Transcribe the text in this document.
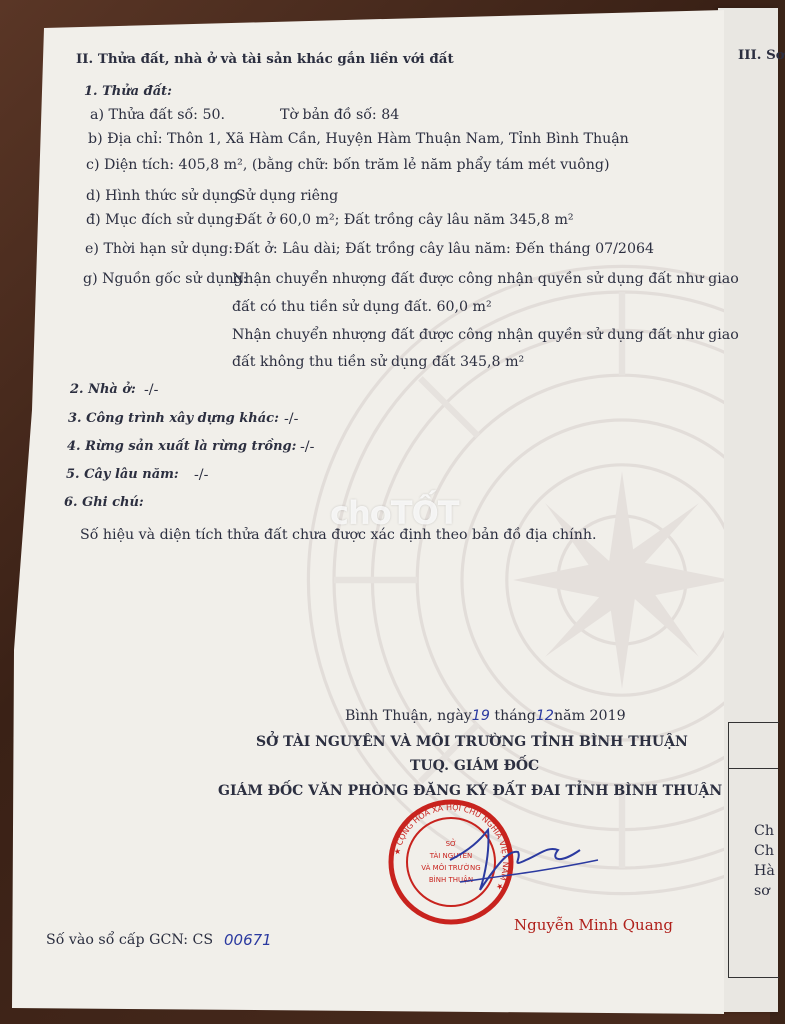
II. Thửa đất, nhà ở và tài sản khác gắn liền với đất	III. Sơ
1. Thửa đất:
a) Thửa đất số: 50.	Tờ bản đồ số: 84
b) Địa chỉ: Thôn 1, Xã Hàm Cần, Huyện Hàm Thuận Nam, Tỉnh Bình Thuận
c) Diện tích: 405,8 m², (bằng chữ: bốn trăm lẻ năm phẩy tám mét vuông)
d) Hình thức sử dụng:
Sử dụng riêng
đ) Mục đích sử dụng:
Đất ở 60,0 m²; Đất trồng cây lâu năm 345,8 m²
e) Thời hạn sử dụng: Đất ở: Lâu dài; Đất trồng cây lâu năm: Đến tháng 07/2064
g) Nguồn gốc sử dụng:
Nhận chuyển nhượng đất được công nhận quyền sử dụng đất như giao
đất có thu tiền sử dụng đất. 60,0 m²
Nhận chuyển nhượng đất được công nhận quyền sử dụng đất như giao
đất không thu tiền sử dụng đất 345,8 m²
2. Nhà ở: -/-
3. Công trình xây dựng khác: -/-
4. Rừng sản xuất là rừng trồng: -/-
5. Cây lâu năm: -/-
6. Ghi chú:
Số hiệu và diện tích thửa đất chưa được xác định theo bản đồ địa chính.
choTỐT
Bình Thuận, ngày19 tháng12năm 2019
SỞ TÀI NGUYÊN VÀ MÔI TRƯỜNG TỈNH BÌNH THUẬN
TUQ. GIÁM ĐỐC
GIÁM ĐỐC VĂN PHÒNG ĐĂNG KÝ ĐẤT ĐAI TỈNH BÌNH THUẬN
★ CỘNG HÒA XÃ HỘI CHỦ NGHĨA VIỆT NAM ★
SỞ
TÀI NGUYÊN
VÀ MÔI TRƯỜNG
BÌNH THUẬN
Nguyễn Minh Quang
Số vào sổ cấp GCN: CS 00671
Ch
Ch
Hà
sơ
